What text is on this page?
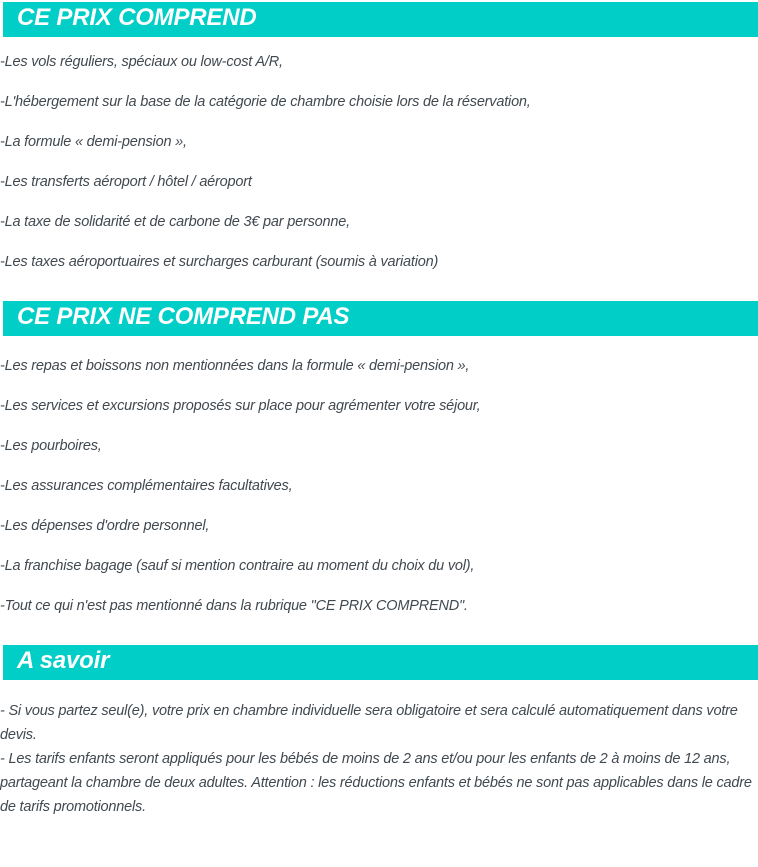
CE PRIX COMPREND

-Les vols réguliers, spéciaux ou low-cost A/R,

-L'hébergement sur la base de la catégorie de chambre choisie lors de la réservation,

-La formule « demi-pension »,

-Les transferts aéroport / hôtel / aéroport

-La taxe de solidarité et de carbone de 3€ par personne,

-Les taxes aéroportuaires et surcharges carburant (soumis à variation)

CE PRIX NE COMPREND PAS

-Les repas et boissons non mentionnées dans la formule « demi-pension »,

-Les services et excursions proposés sur place pour agrémenter votre séjour,

-Les pourboires,

-Les assurances complémentaires facultatives,

-Les dépenses d'ordre personnel,

-La franchise bagage (sauf si mention contraire au moment du choix du vol),

-Tout ce qui n'est pas mentionné dans la rubrique "CE PRIX COMPREND".

A savoir

- Si vous partez seul(e), votre prix en chambre individuelle sera obligatoire et sera calculé automatiquement dans votre devis.

- Les tarifs enfants seront appliqués pour les bébés de moins de 2 ans et/ou pour les enfants de 2 à moins de 12 ans, partageant la chambre de deux adultes. Attention : les réductions enfants et bébés ne sont pas applicables dans le cadre de tarifs promotionnels.
